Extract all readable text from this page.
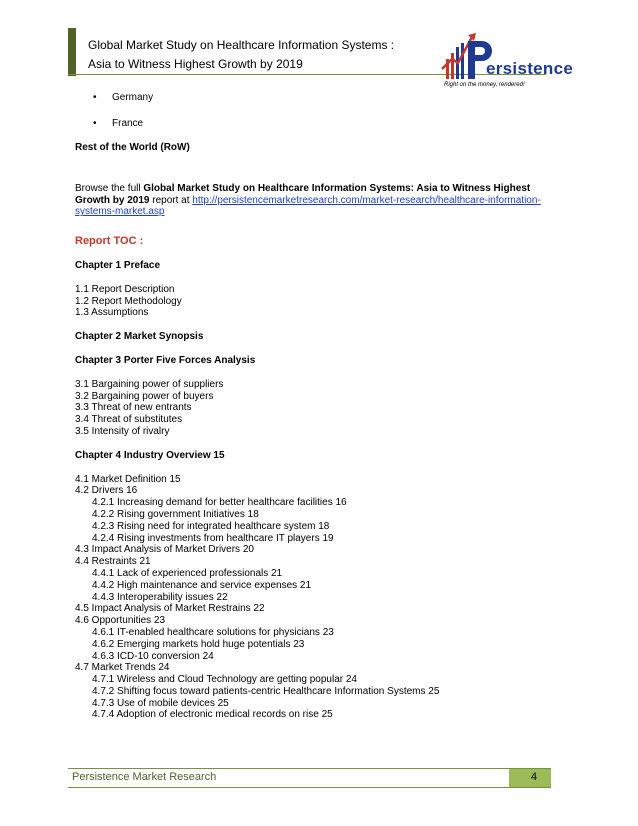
Global Market Study on Healthcare Information Systems :
Asia to Witness Highest Growth by 2019	ersistence
Right on the money, rendered!
• Germany
• France
Rest of the World (RoW)
Browse the full Global Market Study on Healthcare Information Systems: Asia to Witness Highest Growth by 2019 report at http://persistencemarketresearch.com/market-research/healthcare-information-systems-market.asp
Report TOC :
Chapter 1 Preface
1.1 Report Description
1.2 Report Methodology
1.3 Assumptions
Chapter 2 Market Synopsis
Chapter 3 Porter Five Forces Analysis
3.1 Bargaining power of suppliers
3.2 Bargaining power of buyers
3.3 Threat of new entrants
3.4 Threat of substitutes
3.5 Intensity of rivalry
Chapter 4 Industry Overview 15
4.1 Market Definition 15
4.2 Drivers 16
4.2.1 Increasing demand for better healthcare facilities 16
4.2.2 Rising government Initiatives 18
4.2.3 Rising need for integrated healthcare system 18
4.2.4 Rising investments from healthcare IT players 19
4.3 Impact Analysis of Market Drivers 20
4.4 Restraints 21
4.4.1 Lack of experienced professionals 21
4.4.2 High maintenance and service expenses 21
4.4.3 Interoperability issues 22
4.5 Impact Analysis of Market Restrains 22
4.6 Opportunities 23
4.6.1 IT-enabled healthcare solutions for physicians 23
4.6.2 Emerging markets hold huge potentials 23
4.6.3 ICD-10 conversion 24
4.7 Market Trends 24
4.7.1 Wireless and Cloud Technology are getting popular 24
4.7.2 Shifting focus toward patients-centric Healthcare Information Systems 25
4.7.3 Use of mobile devices 25
4.7.4 Adoption of electronic medical records on rise 25
Persistence Market Research	4
